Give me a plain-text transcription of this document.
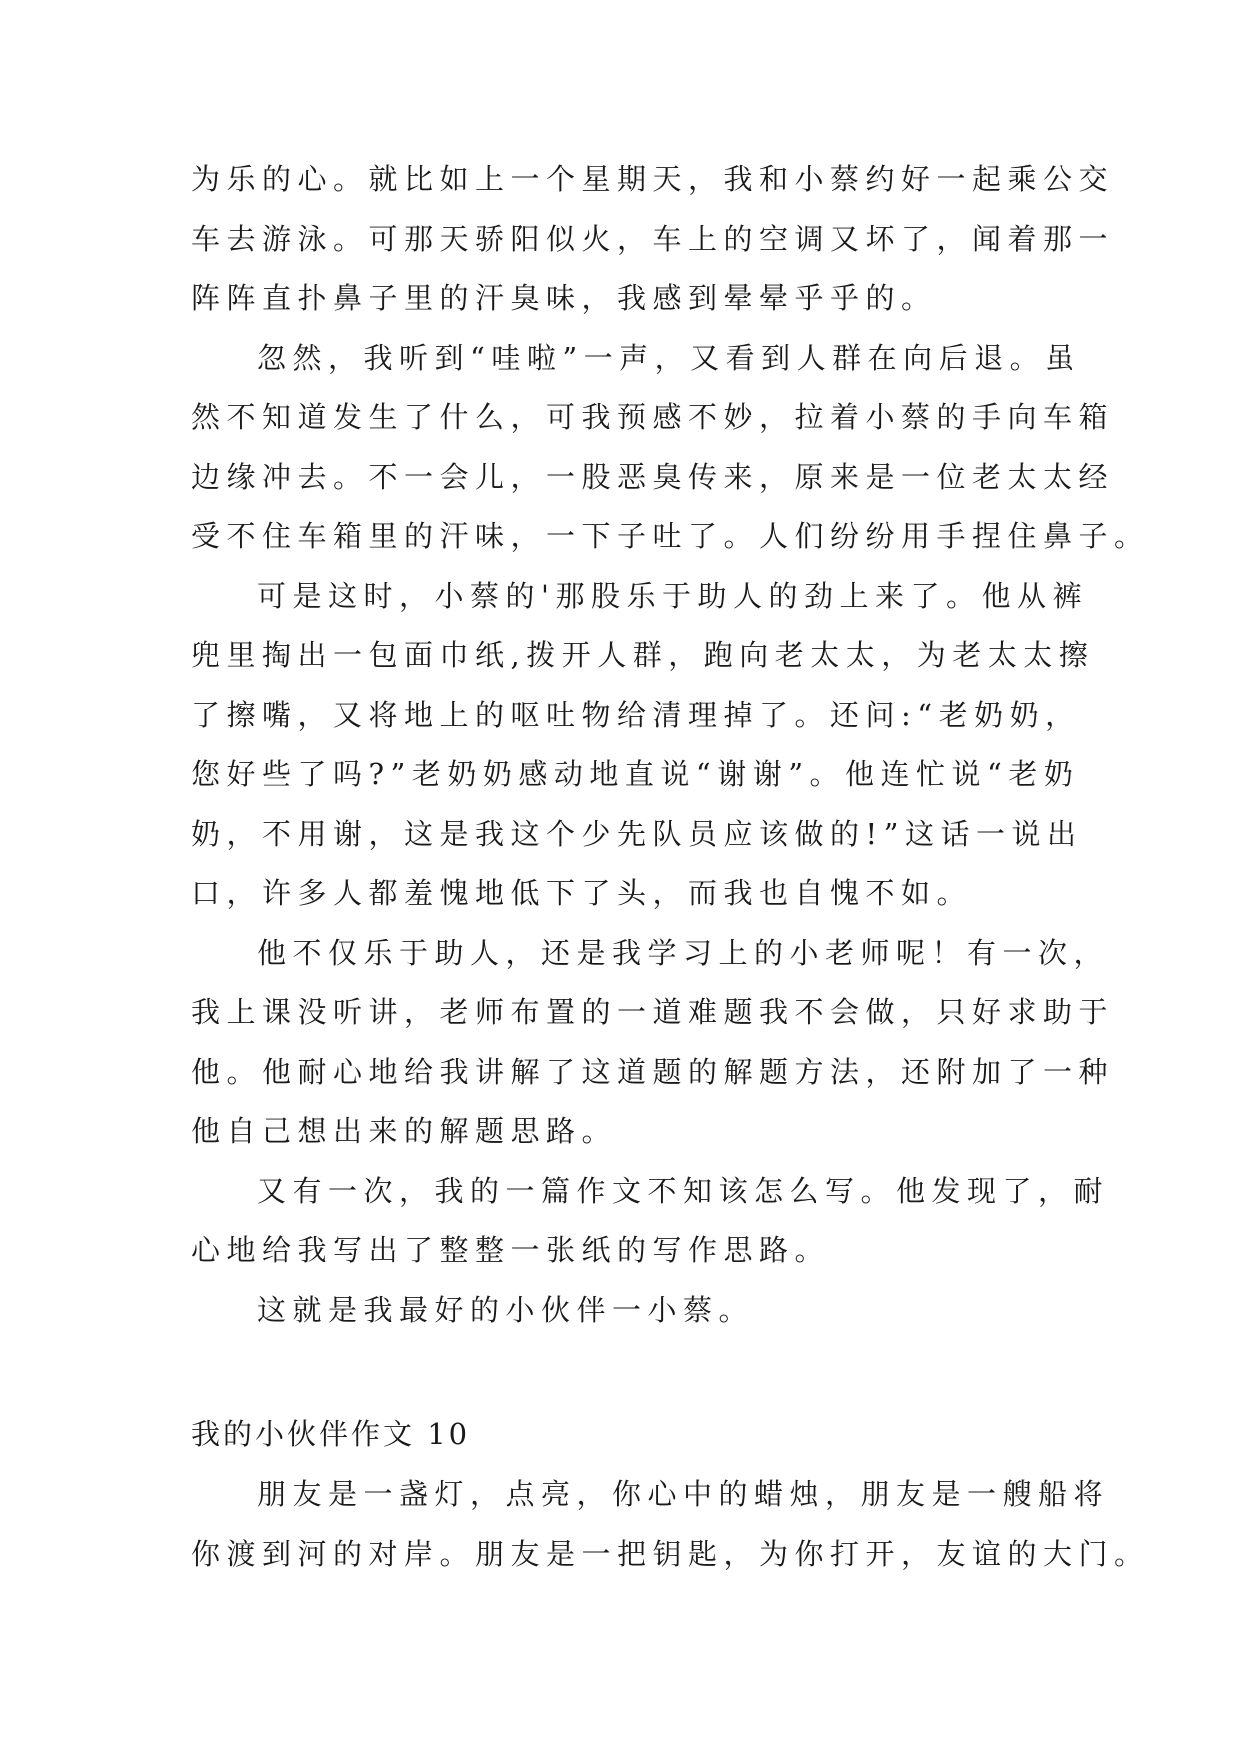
为乐的心。就比如上一个星期天，我和小蔡约好一起乘公交
车去游泳。可那天骄阳似火，车上的空调又坏了，闻着那一
阵阵直扑鼻子里的汗臭味，我感到晕晕乎乎的。
忽然，我听到“哇啦”一声，又看到人群在向后退。虽
然不知道发生了什么，可我预感不妙，拉着小蔡的手向车箱
边缘冲去。不一会儿，一股恶臭传来，原来是一位老太太经
受不住车箱里的汗味，一下子吐了。人们纷纷用手捏住鼻子。
可是这时，小蔡的'那股乐于助人的劲上来了。他从裤
兜里掏出一包面巾纸,拨开人群，跑向老太太，为老太太擦
了擦嘴，又将地上的呕吐物给清理掉了。还问:“老奶奶，
您好些了吗?”老奶奶感动地直说“谢谢”。他连忙说“老奶
奶，不用谢，这是我这个少先队员应该做的!”这话一说出
口，许多人都羞愧地低下了头，而我也自愧不如。
他不仅乐于助人，还是我学习上的小老师呢！有一次，
我上课没听讲，老师布置的一道难题我不会做，只好求助于
他。他耐心地给我讲解了这道题的解题方法，还附加了一种
他自己想出来的解题思路。
又有一次，我的一篇作文不知该怎么写。他发现了，耐
心地给我写出了整整一张纸的写作思路。
这就是我最好的小伙伴一小蔡。
我的小伙伴作文 10
朋友是一盏灯，点亮，你心中的蜡烛，朋友是一艘船将
你渡到河的对岸。朋友是一把钥匙，为你打开，友谊的大门。
